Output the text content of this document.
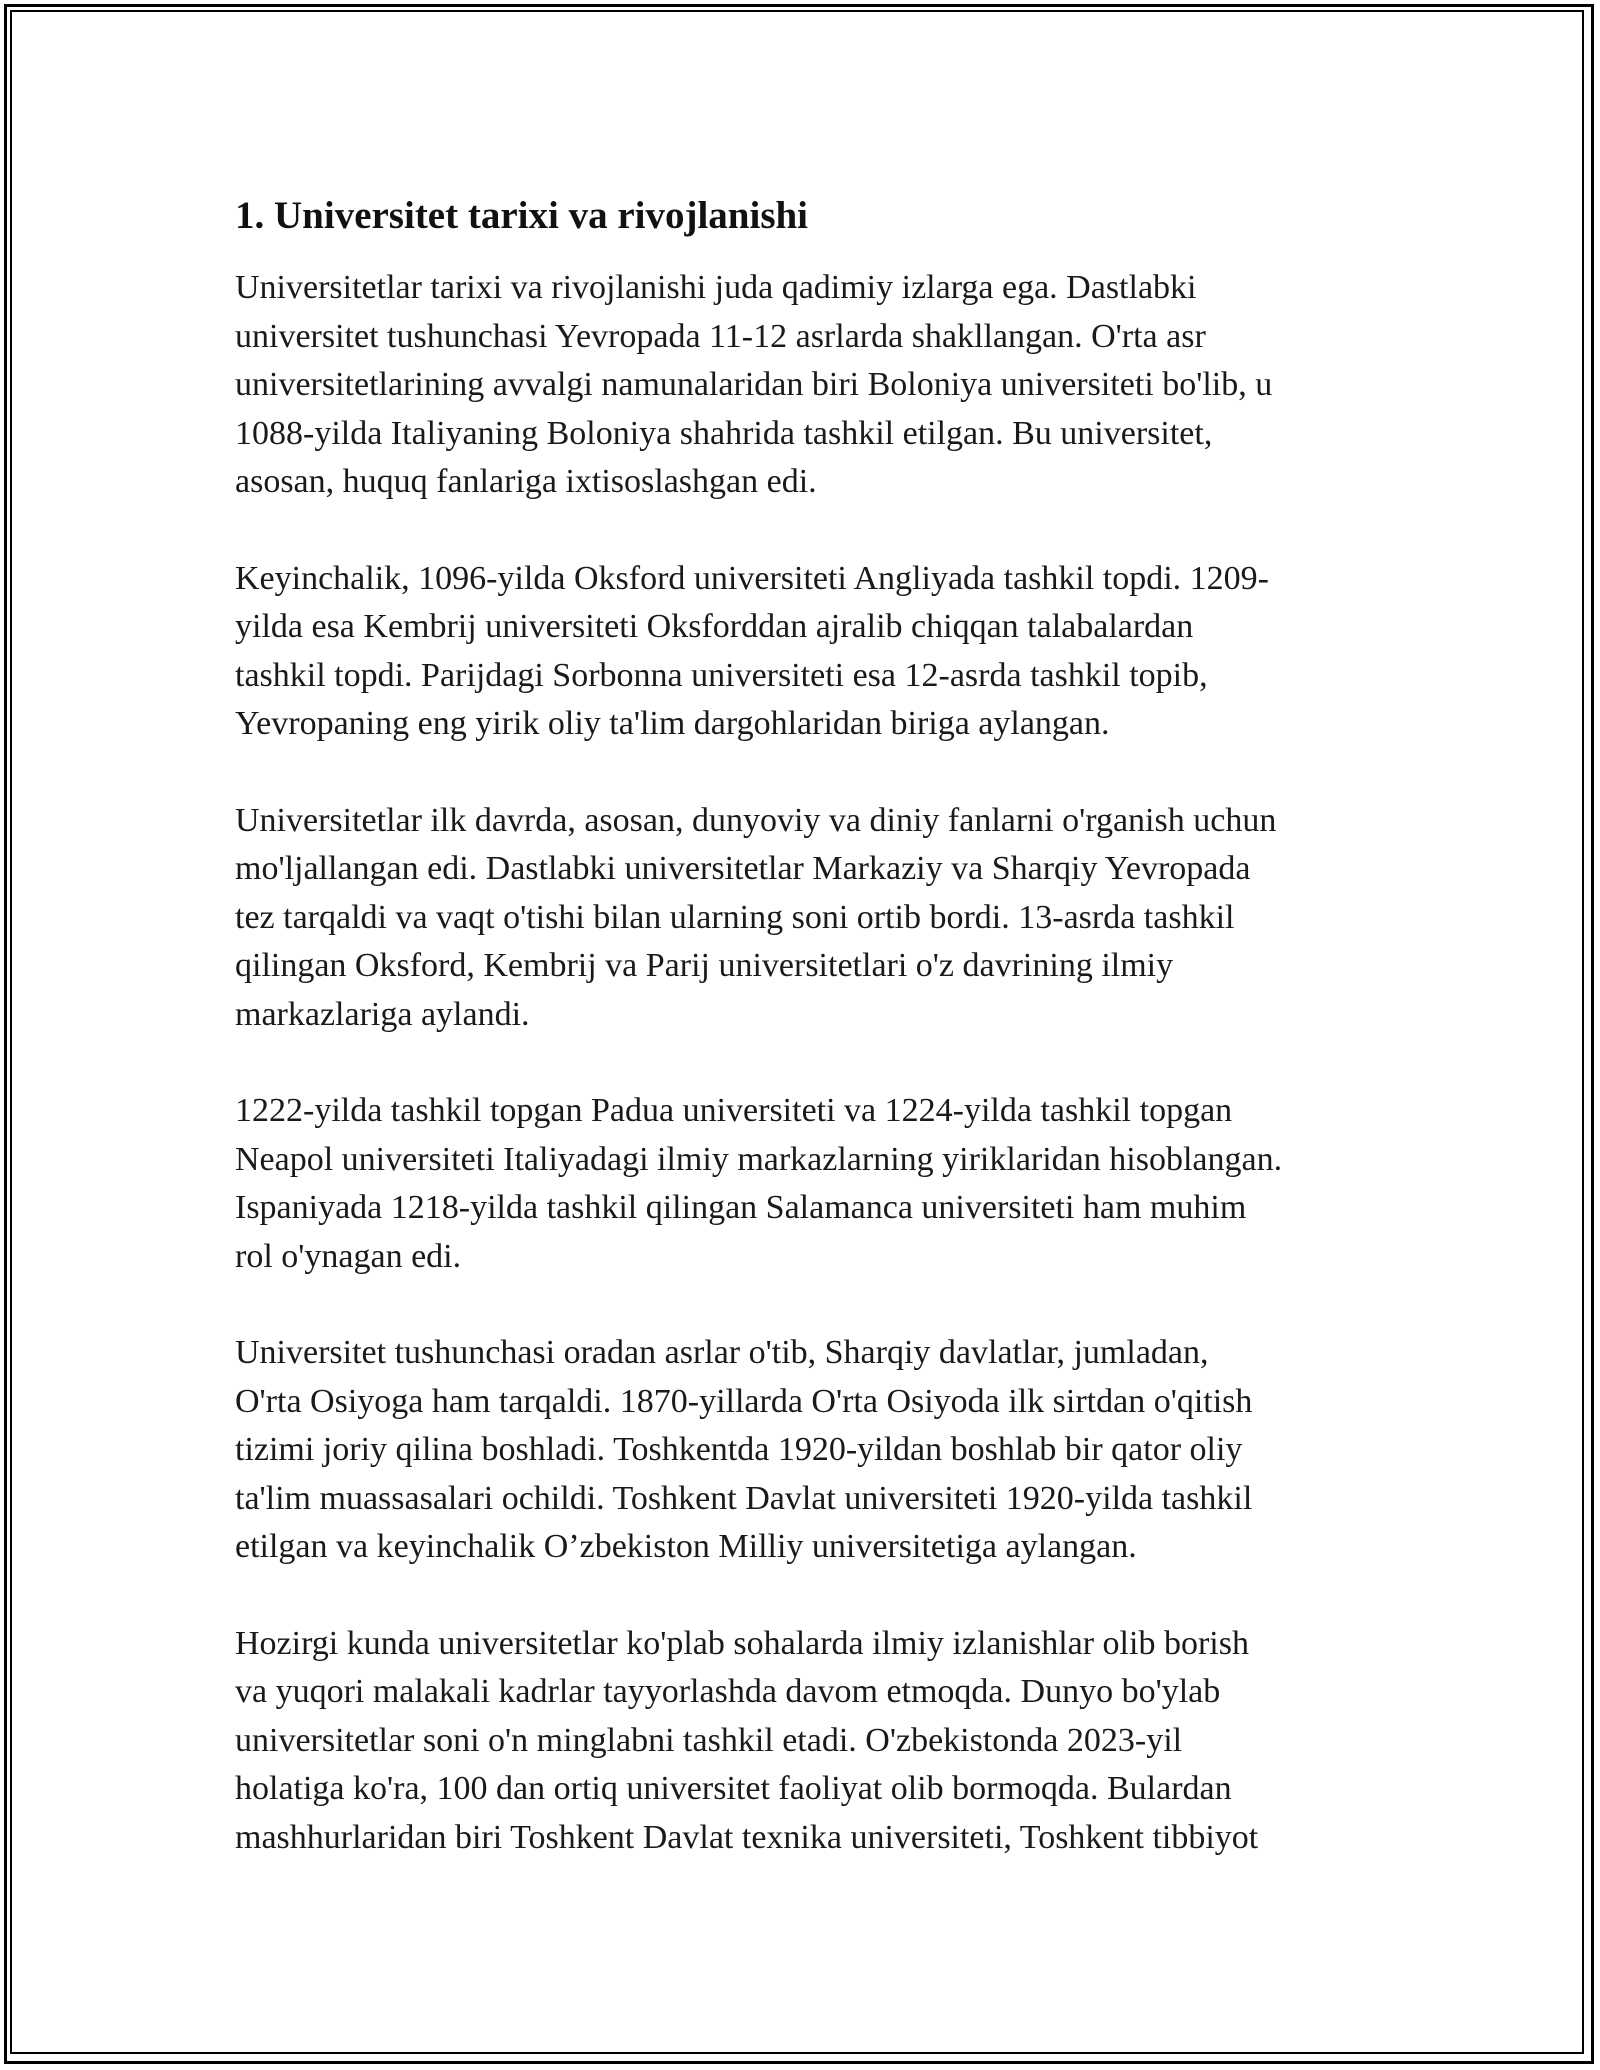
1. Universitet tarixi va rivojlanishi

Universitetlar tarixi va rivojlanishi juda qadimiy izlarga ega. Dastlabki
universitet tushunchasi Yevropada 11-12 asrlarda shakllangan. O'rta asr
universitetlarining avvalgi namunalaridan biri Boloniya universiteti bo'lib, u
1088-yilda Italiyaning Boloniya shahrida tashkil etilgan. Bu universitet,
asosan, huquq fanlariga ixtisoslashgan edi.

Keyinchalik, 1096-yilda Oksford universiteti Angliyada tashkil topdi. 1209-
yilda esa Kembrij universiteti Oksforddan ajralib chiqqan talabalardan
tashkil topdi. Parijdagi Sorbonna universiteti esa 12-asrda tashkil topib,
Yevropaning eng yirik oliy ta'lim dargohlaridan biriga aylangan.

Universitetlar ilk davrda, asosan, dunyoviy va diniy fanlarni o'rganish uchun
mo'ljallangan edi. Dastlabki universitetlar Markaziy va Sharqiy Yevropada
tez tarqaldi va vaqt o'tishi bilan ularning soni ortib bordi. 13-asrda tashkil
qilingan Oksford, Kembrij va Parij universitetlari o'z davrining ilmiy
markazlariga aylandi.

1222-yilda tashkil topgan Padua universiteti va 1224-yilda tashkil topgan
Neapol universiteti Italiyadagi ilmiy markazlarning yiriklaridan hisoblangan.
Ispaniyada 1218-yilda tashkil qilingan Salamanca universiteti ham muhim
rol o'ynagan edi.

Universitet tushunchasi oradan asrlar o'tib, Sharqiy davlatlar, jumladan,
O'rta Osiyoga ham tarqaldi. 1870-yillarda O'rta Osiyoda ilk sirtdan o'qitish
tizimi joriy qilina boshladi. Toshkentda 1920-yildan boshlab bir qator oliy
ta'lim muassasalari ochildi. Toshkent Davlat universiteti 1920-yilda tashkil
etilgan va keyinchalik O’zbekiston Milliy universitetiga aylangan.

Hozirgi kunda universitetlar ko'plab sohalarda ilmiy izlanishlar olib borish
va yuqori malakali kadrlar tayyorlashda davom etmoqda. Dunyo bo'ylab
universitetlar soni o'n minglabni tashkil etadi. O'zbekistonda 2023-yil
holatiga ko'ra, 100 dan ortiq universitet faoliyat olib bormoqda. Bulardan
mashhurlaridan biri Toshkent Davlat texnika universiteti, Toshkent tibbiyot
